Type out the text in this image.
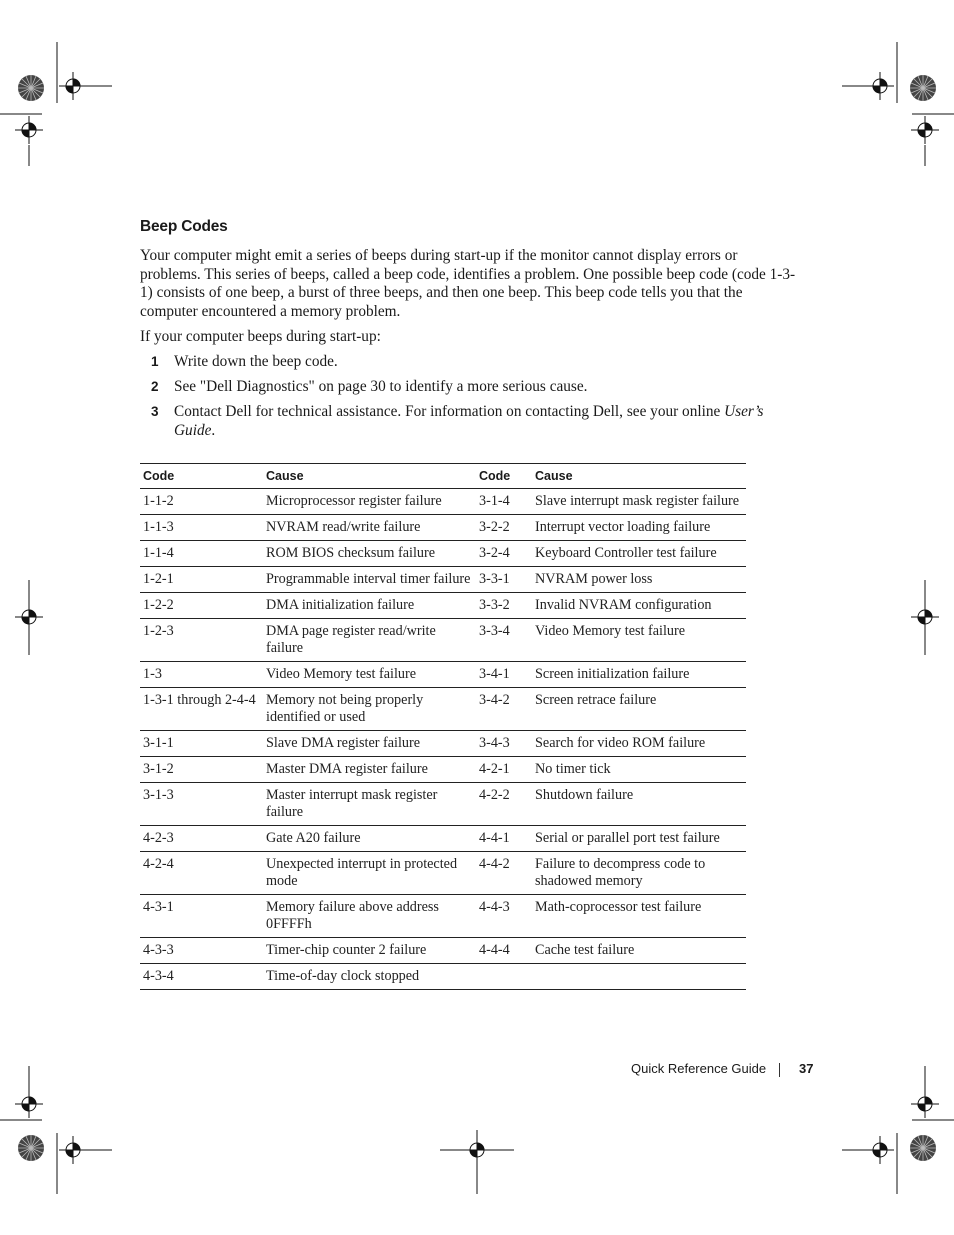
Beep Codes

Your computer might emit a series of beeps during start-up if the monitor cannot display errors or problems. This series of beeps, called a beep code, identifies a problem. One possible beep code (code 1-3-1) consists of one beep, a burst of three beeps, and then one beep. This beep code tells you that the computer encountered a memory problem.

If your computer beeps during start-up:

1 Write down the beep code.
2 See "Dell Diagnostics" on page 30 to identify a more serious cause.
3 Contact Dell for technical assistance. For information on contacting Dell, see your online User’s Guide.
Code	Cause	Code	Cause
1-1-2	Microprocessor register failure	3-1-4	Slave interrupt mask register failure
1-1-3	NVRAM read/write failure	3-2-2	Interrupt vector loading failure
1-1-4	ROM BIOS checksum failure	3-2-4	Keyboard Controller test failure
1-2-1	Programmable interval timer failure	3-3-1	NVRAM power loss
1-2-2	DMA initialization failure	3-3-2	Invalid NVRAM configuration
1-2-3	DMA page register read/write failure	3-3-4	Video Memory test failure
1-3	Video Memory test failure	3-4-1	Screen initialization failure
1-3-1 through 2-4-4	Memory not being properly identified or used	3-4-2	Screen retrace failure
3-1-1	Slave DMA register failure	3-4-3	Search for video ROM failure
3-1-2	Master DMA register failure	4-2-1	No timer tick
3-1-3	Master interrupt mask register failure	4-2-2	Shutdown failure
4-2-3	Gate A20 failure	4-4-1	Serial or parallel port test failure
4-2-4	Unexpected interrupt in protected mode	4-4-2	Failure to decompress code to shadowed memory
4-3-1	Memory failure above address 0FFFFh	4-4-3	Math-coprocessor test failure
4-3-3	Timer-chip counter 2 failure	4-4-4	Cache test failure
4-3-4	Time-of-day clock stopped		
Quick Reference Guide	37
